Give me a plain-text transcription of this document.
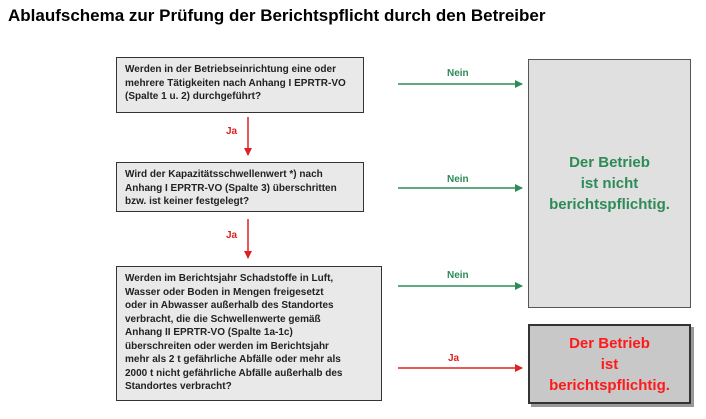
Ablaufschema zur Prüfung der Berichtspflicht durch den Betreiber
Werden in der Betriebseinrichtung eine oder
mehrere Tätigkeiten nach Anhang I EPRTR-VO
(Spalte 1 u. 2) durchgeführt?
Wird der Kapazitätsschwellenwert *) nach
Anhang I EPRTR-VO (Spalte 3) überschritten
bzw. ist keiner festgelegt?
Werden im Berichtsjahr Schadstoffe in Luft,
Wasser oder Boden in Mengen freigesetzt
oder in Abwasser außerhalb des Standortes
verbracht, die die Schwellenwerte gemäß
Anhang II EPRTR-VO (Spalte 1a-1c)
überschreiten oder werden im Berichtsjahr
mehr als 2 t gefährliche Abfälle oder mehr als
2000 t nicht gefährliche Abfälle außerhalb des
Standortes verbracht?
Der Betrieb
ist nicht
berichtspflichtig.
Der Betrieb
ist
berichtspflichtig.
Nein
Nein
Nein
Ja
Ja
Ja
